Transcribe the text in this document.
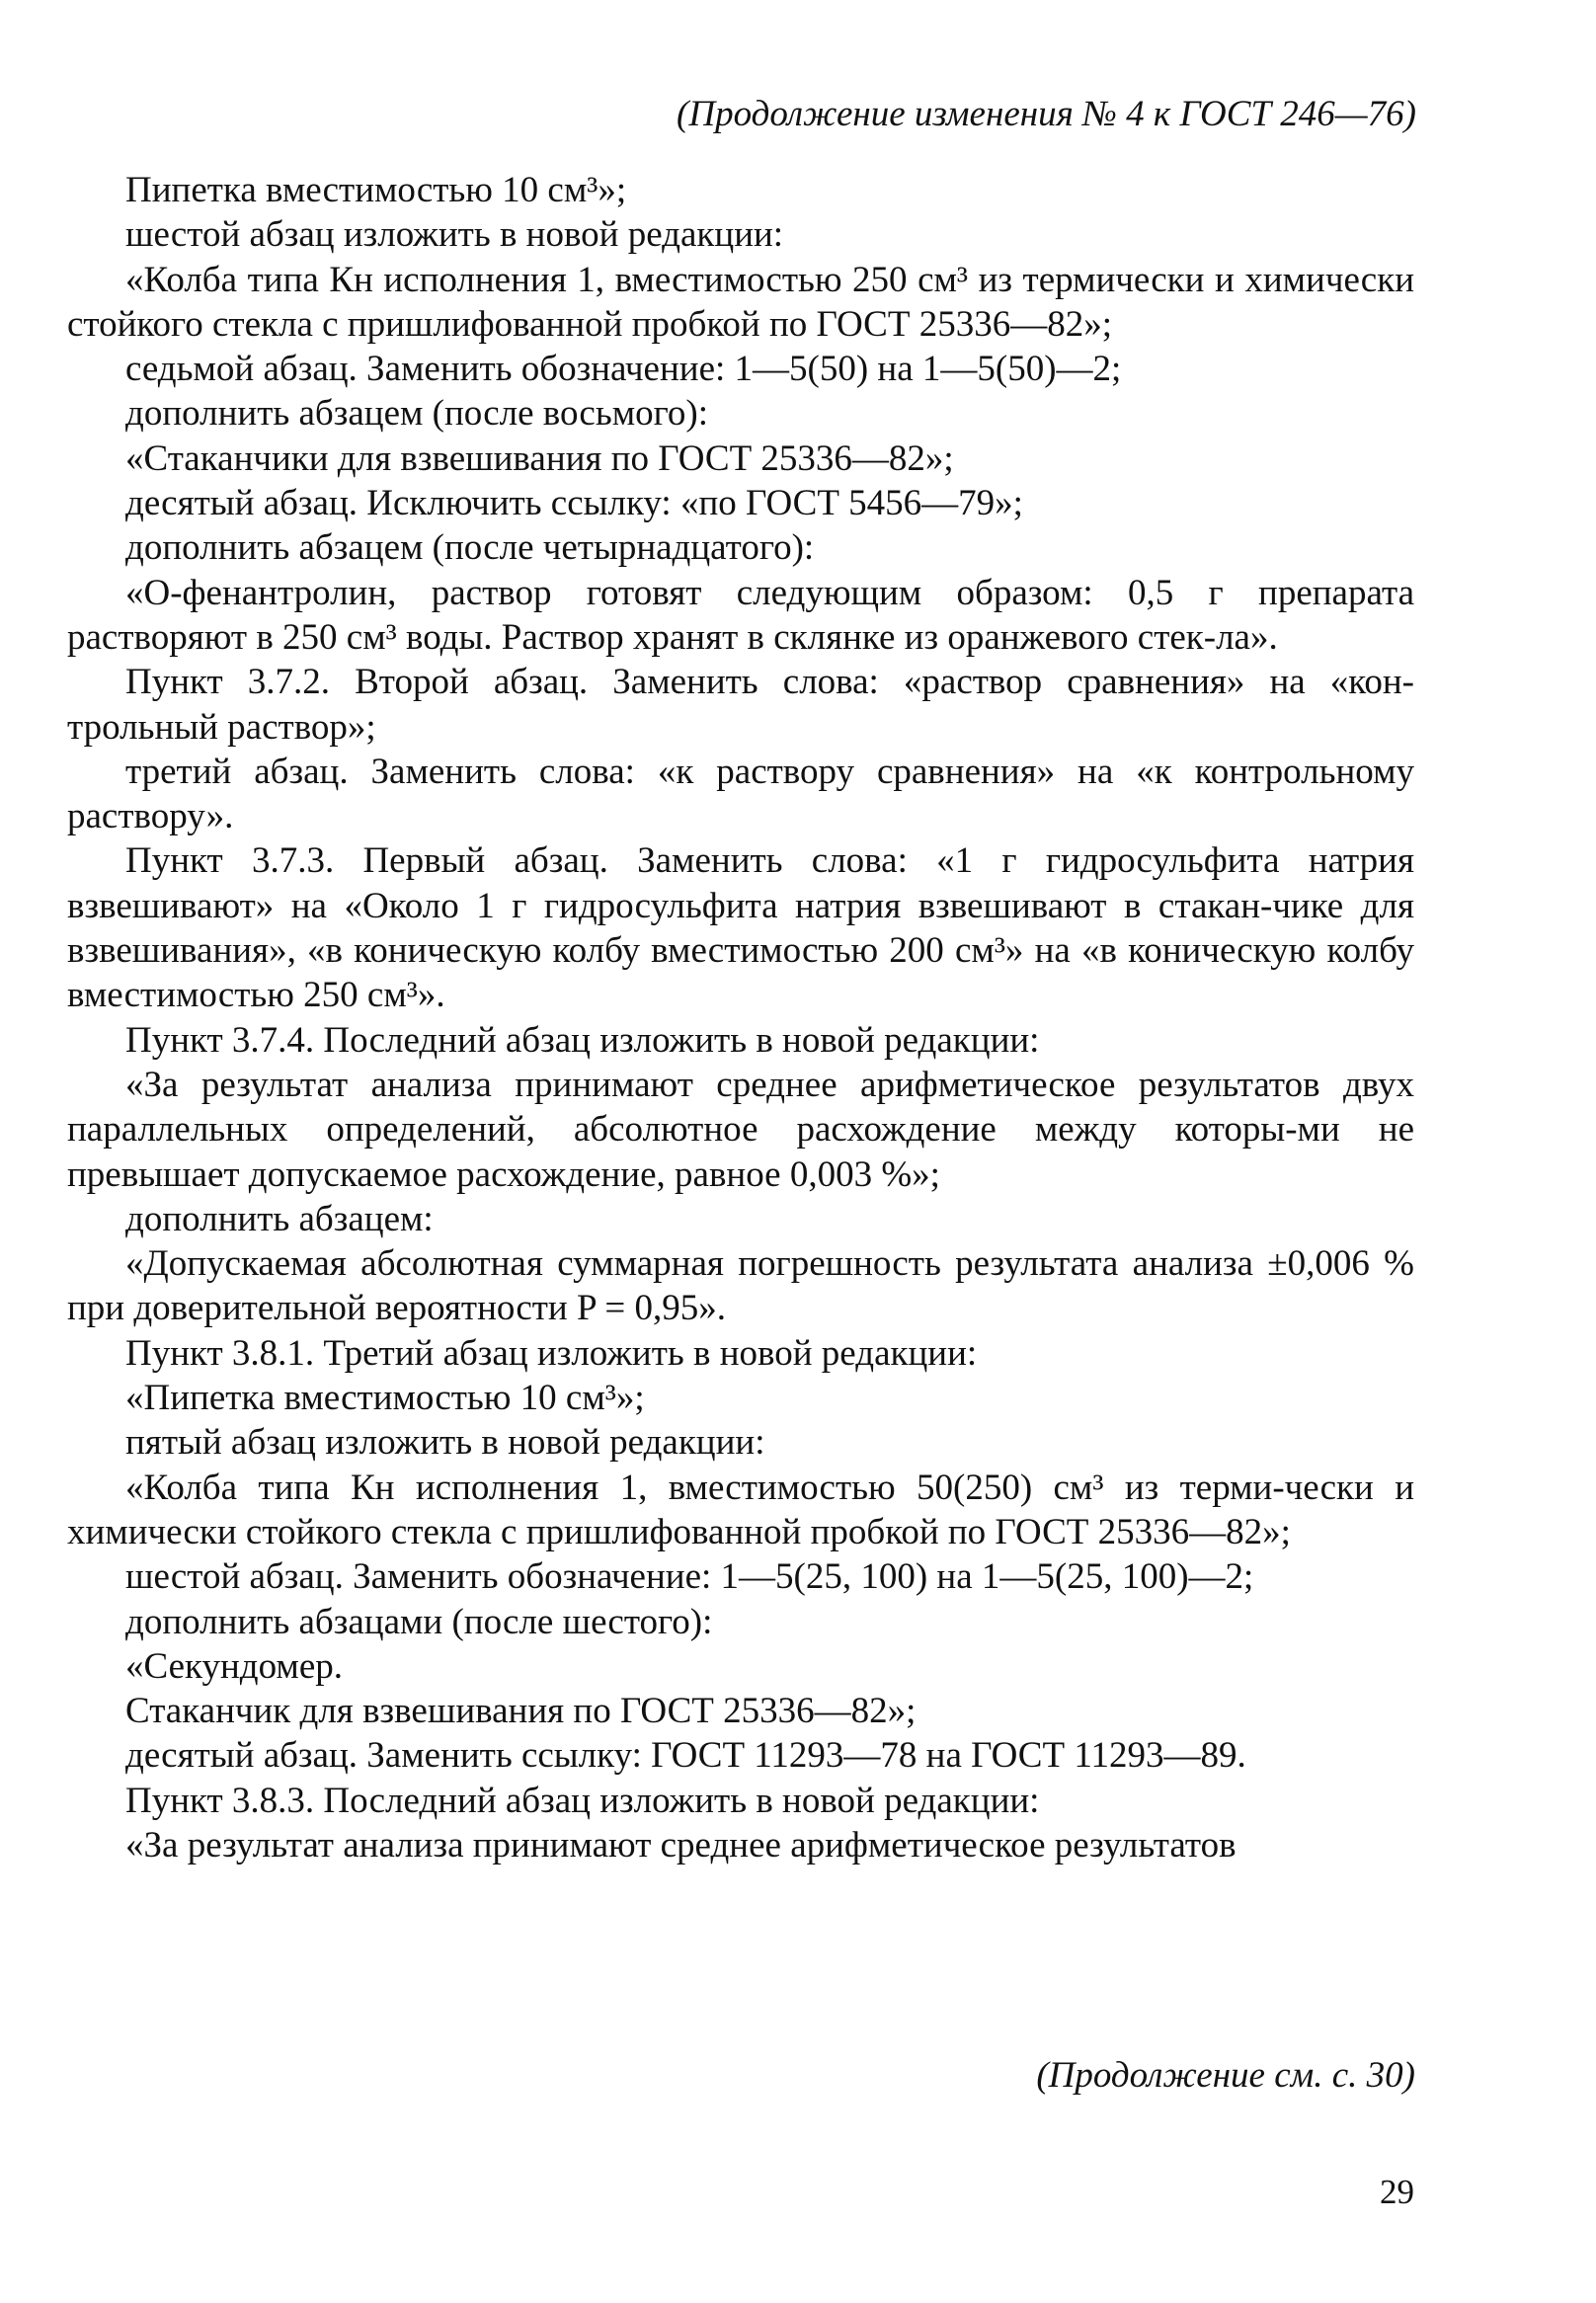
(Продолжение изменения № 4 к ГОСТ 246—76)

Пипетка вместимостью 10 см³»;

шестой абзац изложить в новой редакции:

«Колба типа Кн исполнения 1, вместимостью 250 см³ из термически и химически стойкого стекла с пришлифованной пробкой по ГОСТ 25336—82»;

седьмой абзац. Заменить обозначение: 1—5(50) на 1—5(50)—2;

дополнить абзацем (после восьмого):

«Стаканчики для взвешивания по ГОСТ 25336—82»;

десятый абзац. Исключить ссылку: «по ГОСТ 5456—79»;

дополнить абзацем (после четырнадцатого):

«О-фенантролин, раствор готовят следующим образом: 0,5 г препарата растворяют в 250 см³ воды. Раствор хранят в склянке из оранжевого стек-ла».

Пункт 3.7.2. Второй абзац. Заменить слова: «раствор сравнения» на «кон-трольный раствор»;

третий абзац. Заменить слова: «к раствору сравнения» на «к контрольному раствору».

Пункт 3.7.3. Первый абзац. Заменить слова: «1 г гидросульфита натрия взвешивают» на «Около 1 г гидросульфита натрия взвешивают в стакан-чике для взвешивания», «в коническую колбу вместимостью 200 см³» на «в коническую колбу вместимостью 250 см³».

Пункт 3.7.4. Последний абзац изложить в новой редакции:

«За результат анализа принимают среднее арифметическое результатов двух параллельных определений, абсолютное расхождение между которы-ми не превышает допускаемое расхождение, равное 0,003 %»;

дополнить абзацем:

«Допускаемая абсолютная суммарная погрешность результата анализа ±0,006 % при доверительной вероятности P = 0,95».

Пункт 3.8.1. Третий абзац изложить в новой редакции:

«Пипетка вместимостью 10 см³»;

пятый абзац изложить в новой редакции:

«Колба типа Кн исполнения 1, вместимостью 50(250) см³ из терми-чески и химически стойкого стекла с пришлифованной пробкой по ГОСТ 25336—82»;

шестой абзац. Заменить обозначение: 1—5(25, 100) на 1—5(25, 100)—2;

дополнить абзацами (после шестого):

«Секундомер.

Стаканчик для взвешивания по ГОСТ 25336—82»;

десятый абзац. Заменить ссылку: ГОСТ 11293—78 на ГОСТ 11293—89.

Пункт 3.8.3. Последний абзац изложить в новой редакции:

«За результат анализа принимают среднее арифметическое результатов

(Продолжение см. с. 30)
29
